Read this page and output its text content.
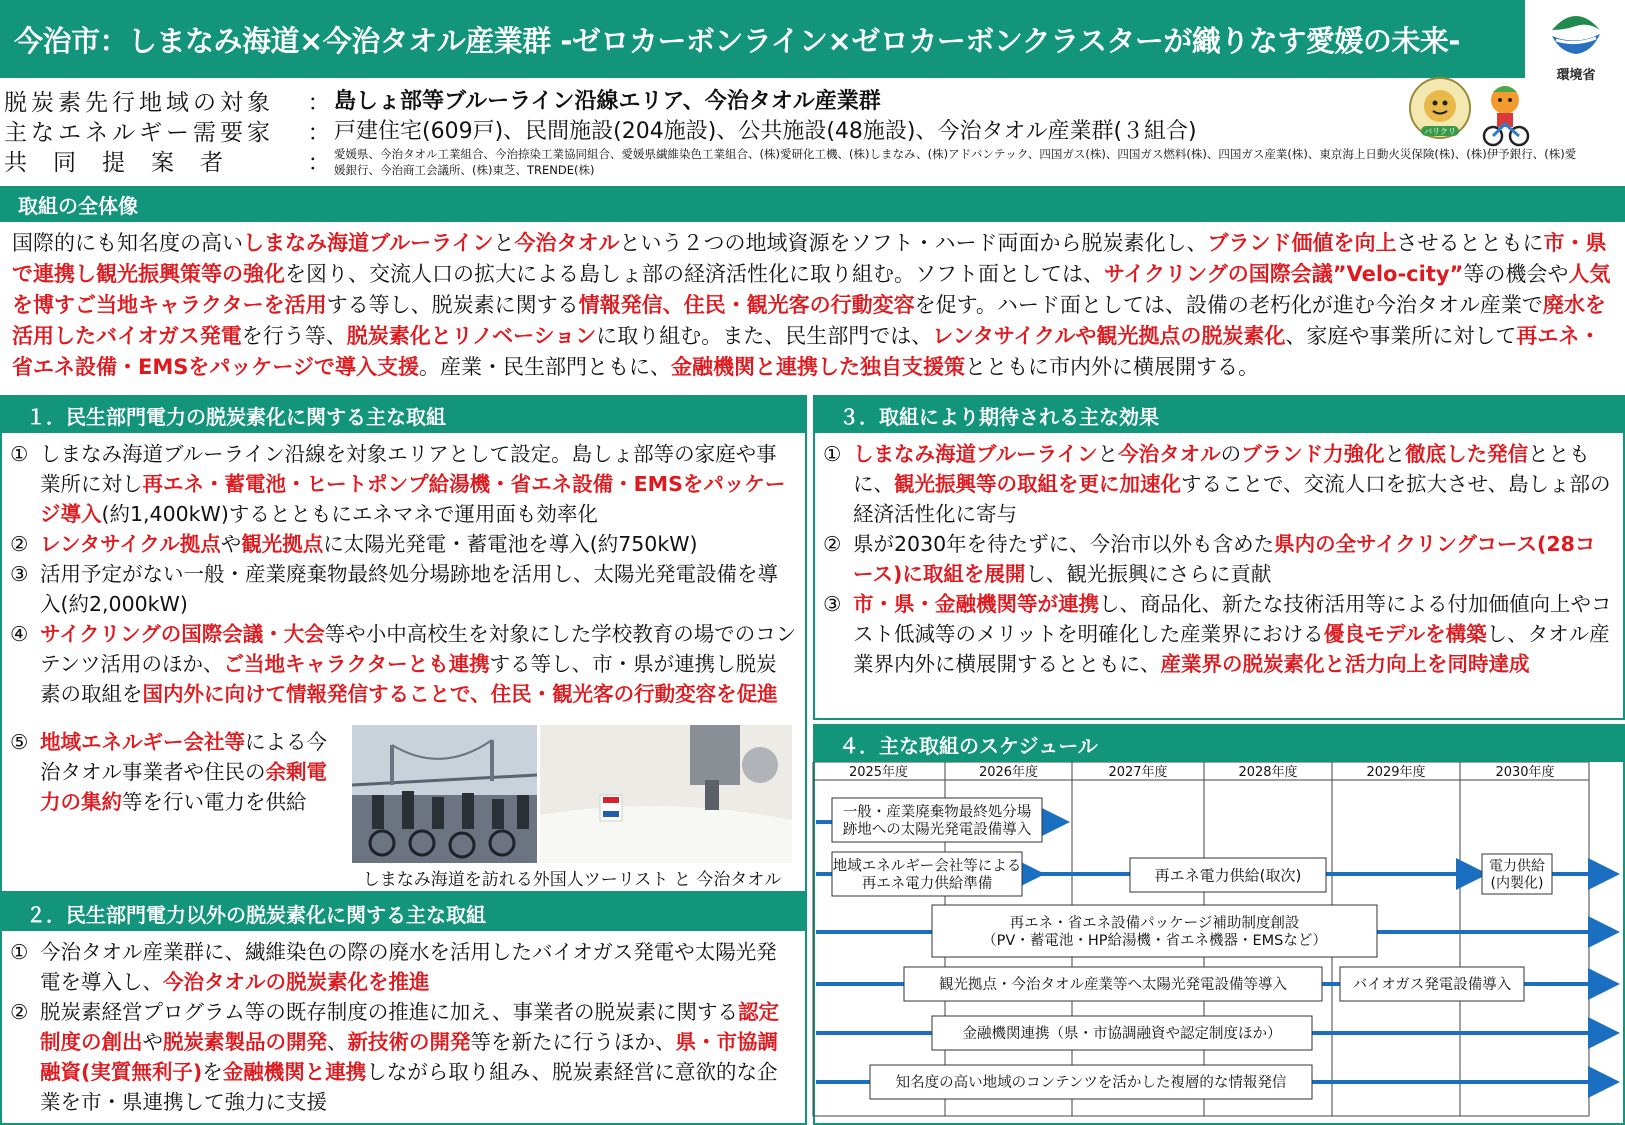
今治市：しまなみ海道×今治タオル産業群 -ゼロカーボンライン×ゼロカーボンクラスターが織りなす愛媛の未来-
環境省
脱炭素先行地域の対象	： 島しょ部等ブルーライン沿線エリア、今治タオル産業群
主なエネルギー需要家	： 戸建住宅(609戸)、民間施設(204施設)、公共施設(48施設)、今治タオル産業群(３組合)
共同提案者	： 愛媛県、今治タオル工業組合、今治捺染工業協同組合、愛媛県繊維染色工業組合、(株)愛研化工機、(株)しまなみ、(株)アドバンテック、四国ガス(株)、四国ガス燃料(株)、四国ガス産業(株)、東京海上日動火災保険(株)、(株)伊予銀行、(株)愛媛銀行、今治商工会議所、(株)東芝、TRENDE(株)
バリクリ
取組の全体像
国際的にも知名度の高いしまなみ海道ブルーラインと今治タオルという２つの地域資源をソフト・ハード両面から脱炭素化し、ブランド価値を向上させるとともに市・県で連携し観光振興策等の強化を図り、交流人口の拡大による島しょ部の経済活性化に取り組む。ソフト面としては、サイクリングの国際会議”Velo-city”等の機会や人気を博すご当地キャラクターを活用する等し、脱炭素に関する情報発信、住民・観光客の行動変容を促す。ハード面としては、設備の老朽化が進む今治タオル産業で廃水を活用したバイオガス発電を行う等、脱炭素化とリノベーションに取り組む。また、民生部門では、レンタサイクルや観光拠点の脱炭素化、家庭や事業所に対して再エネ・省エネ設備・EMSをパッケージで導入支援。産業・民生部門ともに、金融機関と連携した独自支援策とともに市内外に横展開する。
１．民生部門電力の脱炭素化に関する主な取組
① しまなみ海道ブルーライン沿線を対象エリアとして設定。島しょ部等の家庭や事業所に対し再エネ・蓄電池・ヒートポンプ給湯機・省エネ設備・EMSをパッケージ導入(約1,400kW)するとともにエネマネで運用面も効率化
② レンタサイクル拠点や観光拠点に太陽光発電・蓄電池を導入(約750kW)
③ 活用予定がない一般・産業廃棄物最終処分場跡地を活用し、太陽光発電設備を導入(約2,000kW)
④ サイクリングの国際会議・大会等や小中高校生を対象にした学校教育の場でのコンテンツ活用のほか、ご当地キャラクターとも連携する等し、市・県が連携し脱炭素の取組を国内外に向けて情報発信することで、住民・観光客の行動変容を促進
⑤ 地域エネルギー会社等による今治タオル事業者や住民の余剰電力の集約等を行い電力を供給
しまなみ海道を訪れる外国人ツーリスト と 今治タオル
２．民生部門電力以外の脱炭素化に関する主な取組
① 今治タオル産業群に、繊維染色の際の廃水を活用したバイオガス発電や太陽光発電を導入し、今治タオルの脱炭素化を推進
② 脱炭素経営プログラム等の既存制度の推進に加え、事業者の脱炭素に関する認定制度の創出や脱炭素製品の開発、新技術の開発等を新たに行うほか、県・市協調融資(実質無利子)を金融機関と連携しながら取り組み、脱炭素経営に意欲的な企業を市・県連携して強力に支援
３．取組により期待される主な効果
① しまなみ海道ブルーラインと今治タオルのブランド力強化と徹底した発信とともに、観光振興等の取組を更に加速化することで、交流人口を拡大させ、島しょ部の経済活性化に寄与
② 県が2030年を待たずに、今治市以外も含めた県内の全サイクリングコース(28コース)に取組を展開し、観光振興にさらに貢献
③ 市・県・金融機関等が連携し、商品化、新たな技術活用等による付加価値向上やコスト低減等のメリットを明確化した産業界における優良モデルを構築し、タオル産業界内外に横展開するとともに、産業界の脱炭素化と活力向上を同時達成
４．主な取組のスケジュール
2025年度	2026年度	2027年度	2028年度	2029年度	2030年度
一般・産業廃棄物最終処分場
跡地への太陽光発電設備導入
地域エネルギー会社等による
再エネ電力供給準備	再エネ電力供給(取次)	電力供給
(内製化)
再エネ・省エネ設備パッケージ補助制度創設
（PV・蓄電池・HP給湯機・省エネ機器・EMSなど）
観光拠点・今治タオル産業等へ太陽光発電設備等導入	バイオガス発電設備導入
金融機関連携（県・市協調融資や認定制度ほか）
知名度の高い地域のコンテンツを活かした複層的な情報発信
